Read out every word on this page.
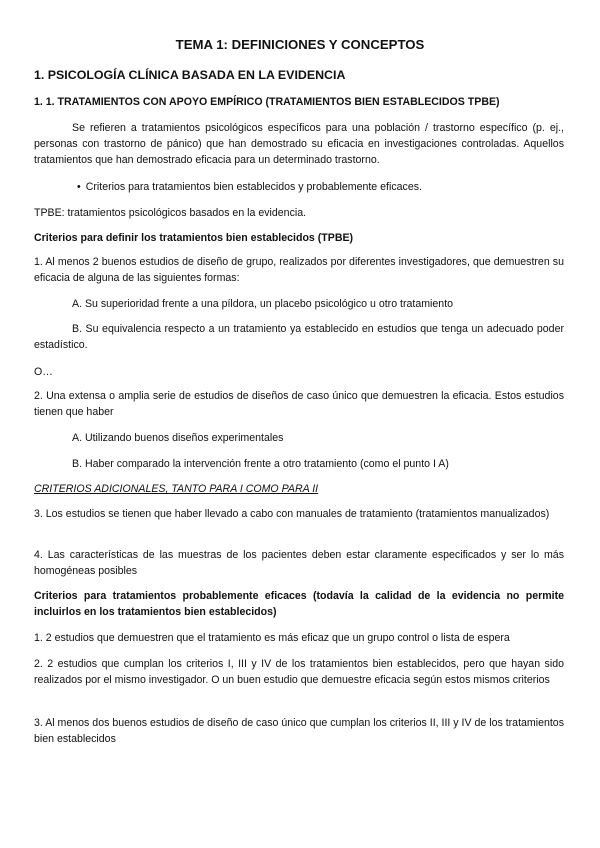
TEMA 1: DEFINICIONES Y CONCEPTOS
1. PSICOLOGÍA CLÍNICA BASADA EN LA EVIDENCIA
1. 1. TRATAMIENTOS CON APOYO EMPÍRICO (TRATAMIENTOS BIEN ESTABLECIDOS TPBE)

Se refieren a tratamientos psicológicos específicos para una población / trastorno específico (p. ej., personas con trastorno de pánico) que han demostrado su eficacia en investigaciones controladas. Aquellos tratamientos que han demostrado eficacia para un determinado trastorno.

• Criterios para tratamientos bien establecidos y probablemente eficaces.

TPBE: tratamientos psicológicos basados en la evidencia.

Criterios para definir los tratamientos bien establecidos (TPBE)

1. Al menos 2 buenos estudios de diseño de grupo, realizados por diferentes investigadores, que demuestren su eficacia de alguna de las siguientes formas:

A. Su superioridad frente a una píldora, un placebo psicológico u otro tratamiento

B. Su equivalencia respecto a un tratamiento ya establecido en estudios que tenga un adecuado poder estadístico.

O…

2. Una extensa o amplia serie de estudios de diseños de caso único que demuestren la eficacia. Estos estudios tienen que haber

A. Utilizando buenos diseños experimentales

B. Haber comparado la intervención frente a otro tratamiento (como el punto I A)

CRITERIOS ADICIONALES, TANTO PARA I COMO PARA II

3. Los estudios se tienen que haber llevado a cabo con manuales de tratamiento (tratamientos manualizados)

4. Las características de las muestras de los pacientes deben estar claramente especificados y ser lo más homogéneas posibles

Criterios para tratamientos probablemente eficaces (todavía la calidad de la evidencia no permite incluirlos en los tratamientos bien establecidos)

1. 2 estudios que demuestren que el tratamiento es más eficaz que un grupo control o lista de espera

2. 2 estudios que cumplan los criterios I, III y IV de los tratamientos bien establecidos, pero que hayan sido realizados por el mismo investigador. O un buen estudio que demuestre eficacia según estos mismos criterios

3. Al menos dos buenos estudios de diseño de caso único que cumplan los criterios II, III y IV de los tratamientos bien establecidos
